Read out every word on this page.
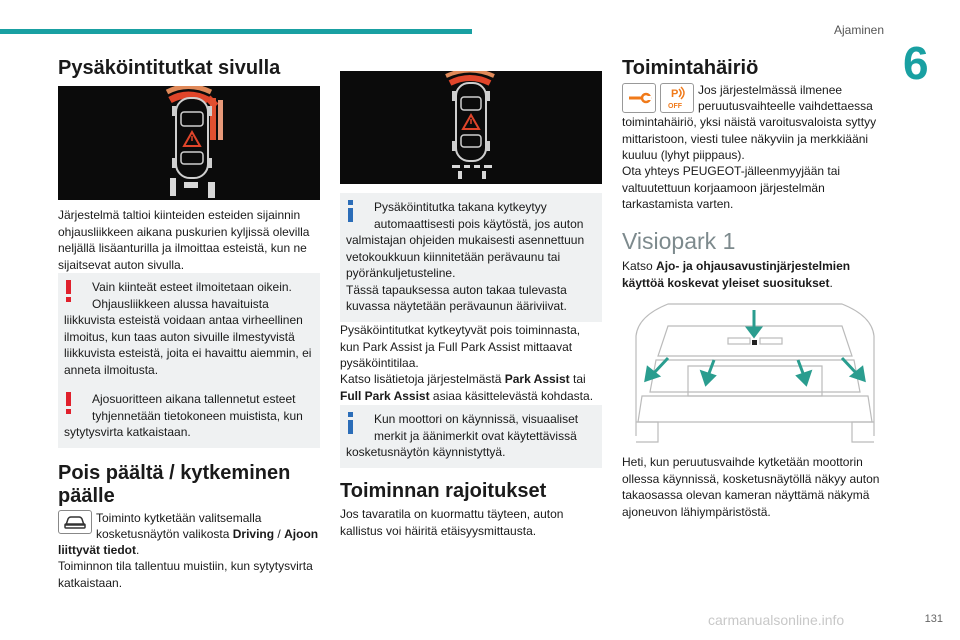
Ajaminen
6
Pysäköintitutkat sivulla

Järjestelmä taltioi kiinteiden esteiden sijainnin ohjausliikkeen aikana puskurien kyljissä olevilla neljällä lisäanturilla ja ilmoittaa esteistä, kun ne sijaitsevat auton sivulla.

Vain kiinteät esteet ilmoitetaan oikein.
Ohjausliikkeen alussa havaituista
liikkuvista esteistä voidaan antaa virheellinen ilmoitus, kun taas auton sivuille ilmestyvistä liikkuvista esteistä, joita ei havaittu aiemmin, ei anneta ilmoitusta.
Ajosuoritteen aikana tallennetut esteet
tyhjennetään tietokoneen muistista, kun
sytytysvirta katkaistaan.
Pois päältä / kytkeminen päälle

Toiminto kytketään valitsemalla

kosketusnäytön valikosta Driving / Ajoon

liittyvät tiedot.

Toiminnon tila tallentuu muistiin, kun sytytysvirta katkaistaan.

Pysäköintitutka takana kytkeytyy
automaattisesti pois käytöstä, jos auton
valmistajan ohjeiden mukaisesti asennettuun vetokoukkuun kiinnitetään perävaunu tai pyöränkuljetusteline.
Tässä tapauksessa auton takaa tulevasta kuvassa näytetään perävaunun ääriviivat.

Pysäköintitutkat kytkeytyvät pois toiminnasta, kun Park Assist ja Full Park Assist mittaavat pysäköintitilaa.

Katso lisätietoja järjestelmästä Park Assist tai Full Park Assist asiaa käsittelevästä kohdasta.

Kun moottori on käynnissä, visuaaliset
merkit ja äänimerkit ovat käytettävissä
kosketusnäytön käynnistyttyä.
Toiminnan rajoitukset

Jos tavaratila on kuormattu täyteen, auton kallistus voi häiritä etäisyysmittausta.

Toimintahäiriö
P
OFF

Jos järjestelmässä ilmenee

peruutusvaihteelle vaihdettaessa

toimintahäiriö, yksi näistä varoitusvaloista syttyy mittaristoon, viesti tulee näkyviin ja merkkiääni kuuluu (lyhyt piippaus).

Ota yhteys PEUGEOT-jälleenmyyjään tai valtuutettuun korjaamoon järjestelmän tarkastamista varten.

Visiopark 1

Katso Ajo- ja ohjausavustinjärjestelmien käyttöä koskevat yleiset suositukset.

Heti, kun peruutusvaihde kytketään moottorin ollessa käynnissä, kosketusnäytöllä näkyy auton takaosassa olevan kameran näyttämä näkymä ajoneuvon lähiympäristöstä.

carmanualsonline.info	131
